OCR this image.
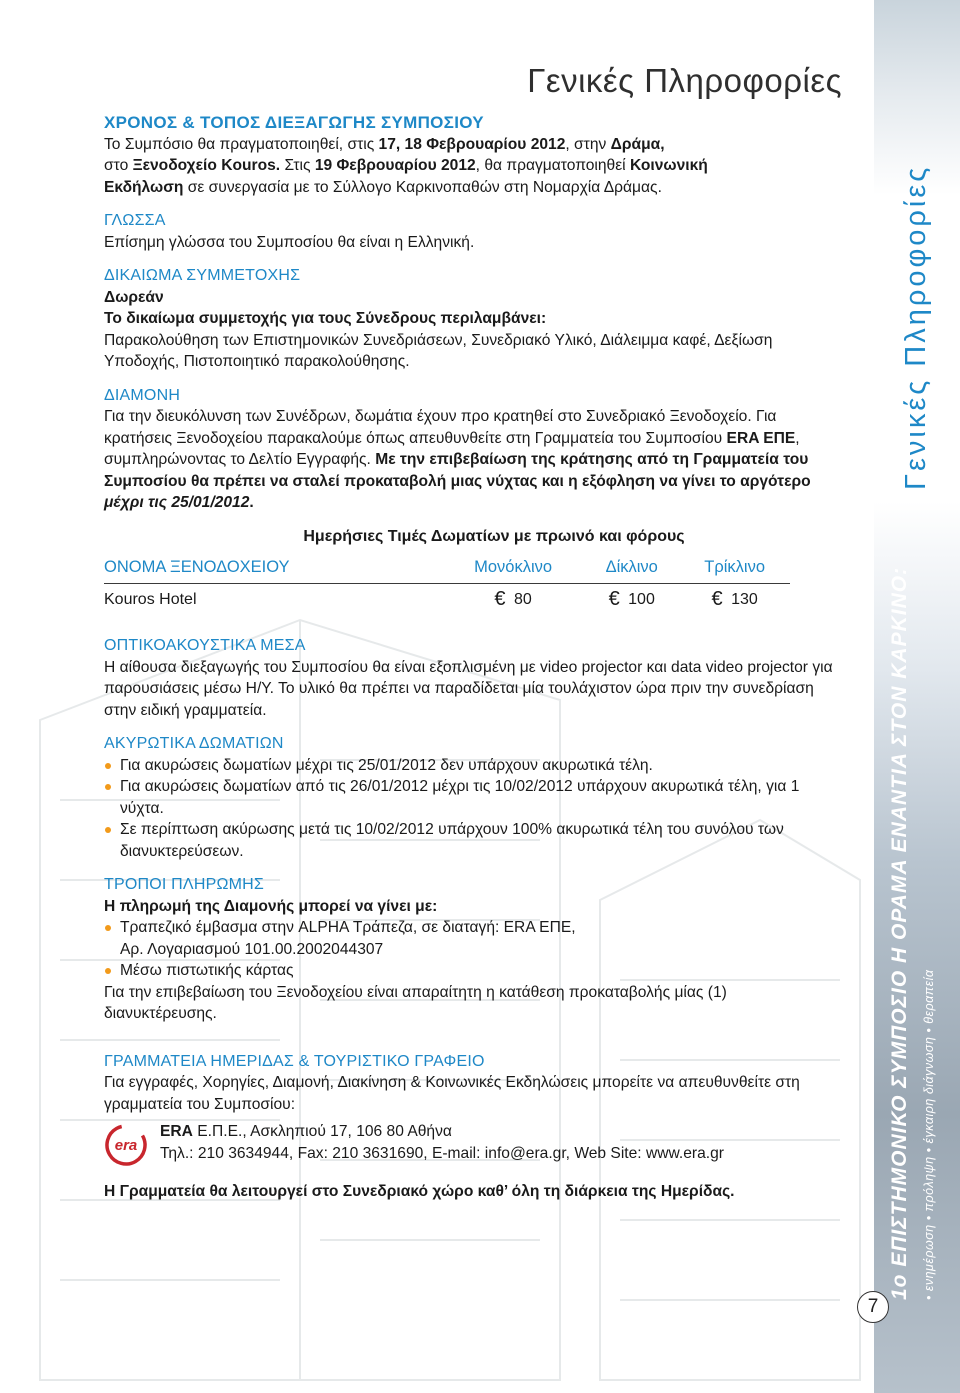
Γενικές Πληροφορίες
ΧΡΟΝΟΣ & ΤΟΠΟΣ ΔΙΕΞΑΓΩΓΗΣ ΣΥΜΠΟΣΙΟΥ

Το Συμπόσιο θα πραγματοποιηθεί, στις 17, 18 Φεβρουαρίου 2012, στην Δράμα,
στο Ξενοδοχείο Kouros. Στις 19 Φεβρουαρίου 2012, θα πραγματοποιηθεί Κοινωνική
Εκδήλωση σε συνεργασία με το Σύλλογο Καρκινοπαθών στη Νομαρχία Δράμας.

ΓΛΩΣΣΑ

Επίσημη γλώσσα του Συμποσίου θα είναι η Ελληνική.

ΔΙΚΑΙΩΜΑ ΣΥΜΜΕΤΟΧΗΣ

Δωρεάν

Το δικαίωμα συμμετοχής για τους Σύνεδρους περιλαμβάνει:

Παρακολούθηση των Επιστημονικών Συνεδριάσεων, Συνεδριακό Υλικό, Διάλειμμα καφέ, Δεξίωση Υποδοχής, Πιστοποιητικό παρακολούθησης.

ΔΙΑΜΟΝΗ

Για την διευκόλυνση των Συνέδρων, δωμάτια έχουν προ κρατηθεί στο Συνεδριακό Ξενοδοχείο. Για κρατήσεις Ξενοδοχείου παρακαλούμε όπως απευθυνθείτε στη Γραμματεία του Συμποσίου ERA ΕΠΕ, συμπληρώνοντας το Δελτίο Εγγραφής. Με την επιβεβαίωση της κράτησης από τη Γραμματεία του Συμποσίου θα πρέπει να σταλεί προκαταβολή μιας νύχτας και η εξόφληση να γίνει το αργότερο μέχρι τις 25/01/2012.

Ημερήσιες Τιμές Δωματίων με πρωινό και φόρους
ΟΝΟΜΑ ΞΕΝΟΔΟΧΕΙΟΥ	Μονόκλινο	Δίκλινο	Τρίκλινο
Kouros Hotel	€ 80	€ 100	€ 130
ΟΠΤΙΚΟΑΚΟΥΣΤΙΚΑ ΜΕΣΑ

Η αίθουσα διεξαγωγής του Συμποσίου θα είναι εξοπλισμένη με video projector και data video projector για παρουσιάσεις μέσω Η/Υ. Το υλικό θα πρέπει να παραδίδεται μία τουλάχιστον ώρα πριν την συνεδρίαση στην ειδική γραμματεία.

ΑΚΥΡΩΤΙΚΑ ΔΩΜΑΤΙΩΝ

Για ακυρώσεις δωματίων μέχρι τις 25/01/2012 δεν υπάρχουν ακυρωτικά τέλη.

Για ακυρώσεις δωματίων από τις 26/01/2012 μέχρι τις 10/02/2012 υπάρχουν ακυρωτικά τέλη, για 1 νύχτα.

Σε περίπτωση ακύρωσης μετά τις 10/02/2012 υπάρχουν 100% ακυρωτικά τέλη του συνόλου των διανυκτερεύσεων.

ΤΡΟΠΟΙ ΠΛΗΡΩΜΗΣ

Η πληρωμή της Διαμονής μπορεί να γίνει με:

Τραπεζικό έμβασμα στην ALPHA Τράπεζα, σε διαταγή: ERA ΕΠΕ,
Αρ. Λογαριασμού 101.00.2002044307

Μέσω πιστωτικής κάρτας

Για την επιβεβαίωση του Ξενοδοχείου είναι απαραίτητη η κατάθεση προκαταβολής μίας (1) διανυκτέρευσης.

ΓΡΑΜΜΑΤΕΙΑ ΗΜΕΡΙΔΑΣ & ΤΟΥΡΙΣΤΙΚΟ ΓΡΑΦΕΙΟ

Για εγγραφές, Χορηγίες, Διαμονή, Διακίνηση & Κοινωνικές Εκδηλώσεις μπορείτε να απευθυνθείτε στη γραμματεία του Συμποσίου:

era

ERA Ε.Π.Ε., Ασκληπιού 17, 106 80 Αθήνα

Τηλ.: 210 3634944, Fax: 210 3631690, E-mail: info@era.gr, Web Site: www.era.gr

Η Γραμματεία θα λειτουργεί στο Συνεδριακό χώρο καθ’ όλη τη διάρκεια της Ημερίδας.

Γενικές Πληροφορίες
1ο ΕΠΙΣΤΗΜΟΝΙΚΟ ΣΥΜΠΟΣΙΟ Η ΟΡΑΜΑ ΕΝΑΝΤΙΑ ΣΤΟΝ ΚΑΡΚΙΝΟ: • ενημέρωση • πρόληψη • έγκαιρη διάγνωση • θεραπεία
7
